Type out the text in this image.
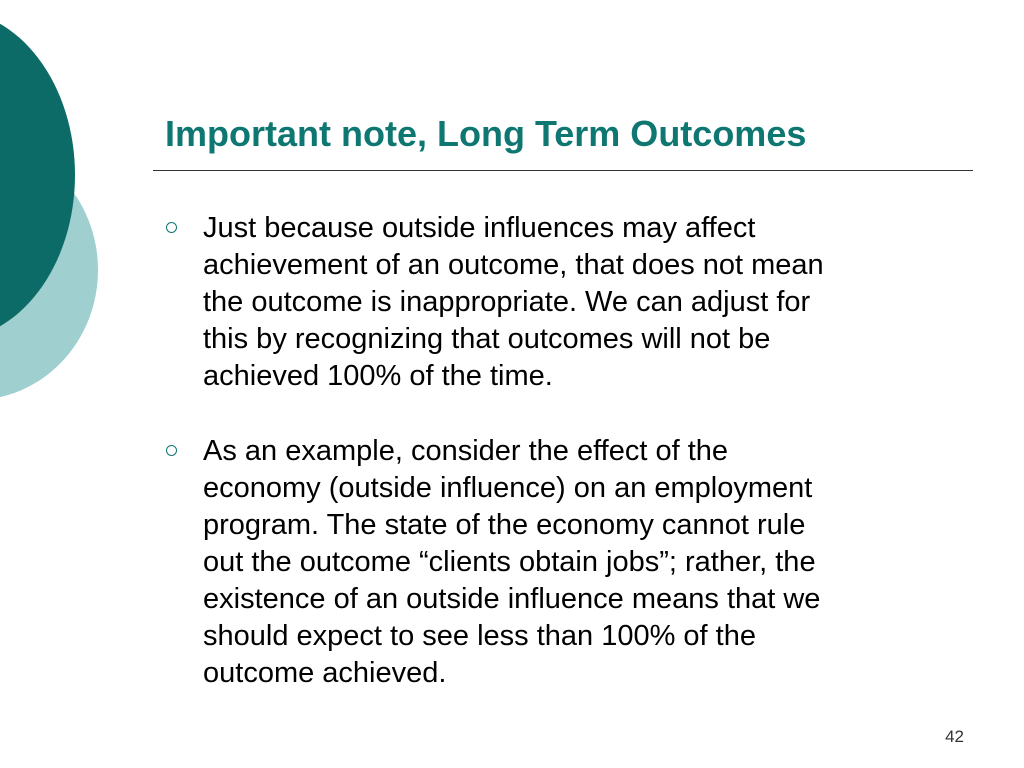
Important note, Long Term Outcomes
Just because outside influences may affect
achievement of an outcome, that does not mean
the outcome is inappropriate. We can adjust for
this by recognizing that outcomes will not be
achieved 100% of the time.
As an example, consider the effect of the
economy (outside influence) on an employment
program. The state of the economy cannot rule
out the outcome “clients obtain jobs”; rather, the
existence of an outside influence means that we
should expect to see less than 100% of the
outcome achieved.
42
